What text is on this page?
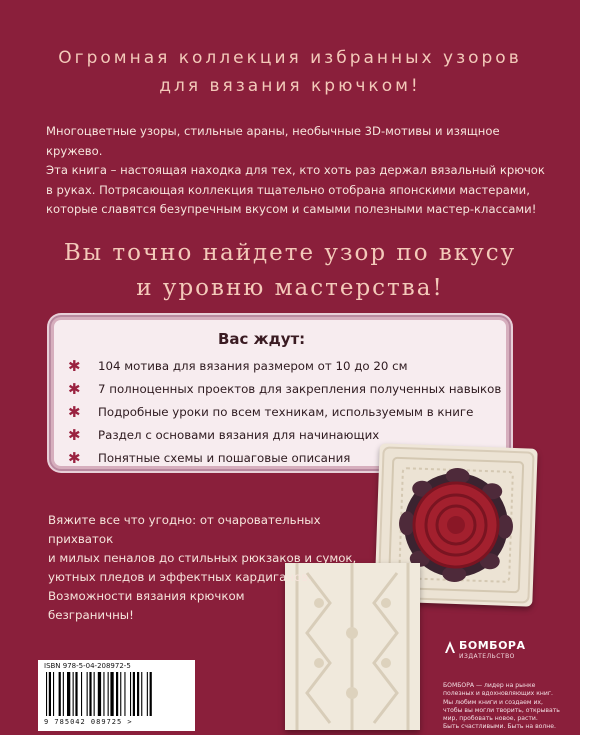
Огромная коллекция избранных узоров
для вязания крючком!

Многоцветные узоры, стильные араны, необычные 3D-мотивы и изящное кружево.

Эта книга – настоящая находка для тех, кто хоть раз держал вязальный крючок

в руках. Потрясающая коллекция тщательно отобрана японскими мастерами,

которые славятся безупречным вкусом и самыми полезными мастер-классами!

Вы точно найдете узор по вкусу
и уровню мастерства!
Вас ждут:
✱ 104 мотива для вязания размером от 10 до 20 см
✱ 7 полноценных проектов для закрепления полученных навыков
✱ Подробные уроки по всем техникам, используемым в книге
✱ Раздел с основами вязания для начинающих
✱ Понятные схемы и пошаговые описания

Вяжите все что угодно: от очаровательных прихваток

и милых пеналов до стильных рюкзаков и сумок,

уютных пледов и эффектных кардиганов.

Возможности вязания крючком

безграничны!

ISBN 978-5-04-208972-5
9 785042 089725 >
БОМБОРА
ИЗДАТЕЛЬСТВО

БОМБОРА — лидер на рынке

полезных и вдохновляющих книг.

Мы любим книги и создаем их,

чтобы вы могли творить, открывать

мир, пробовать новое, расти.

Быть счастливыми. Быть на волне.
